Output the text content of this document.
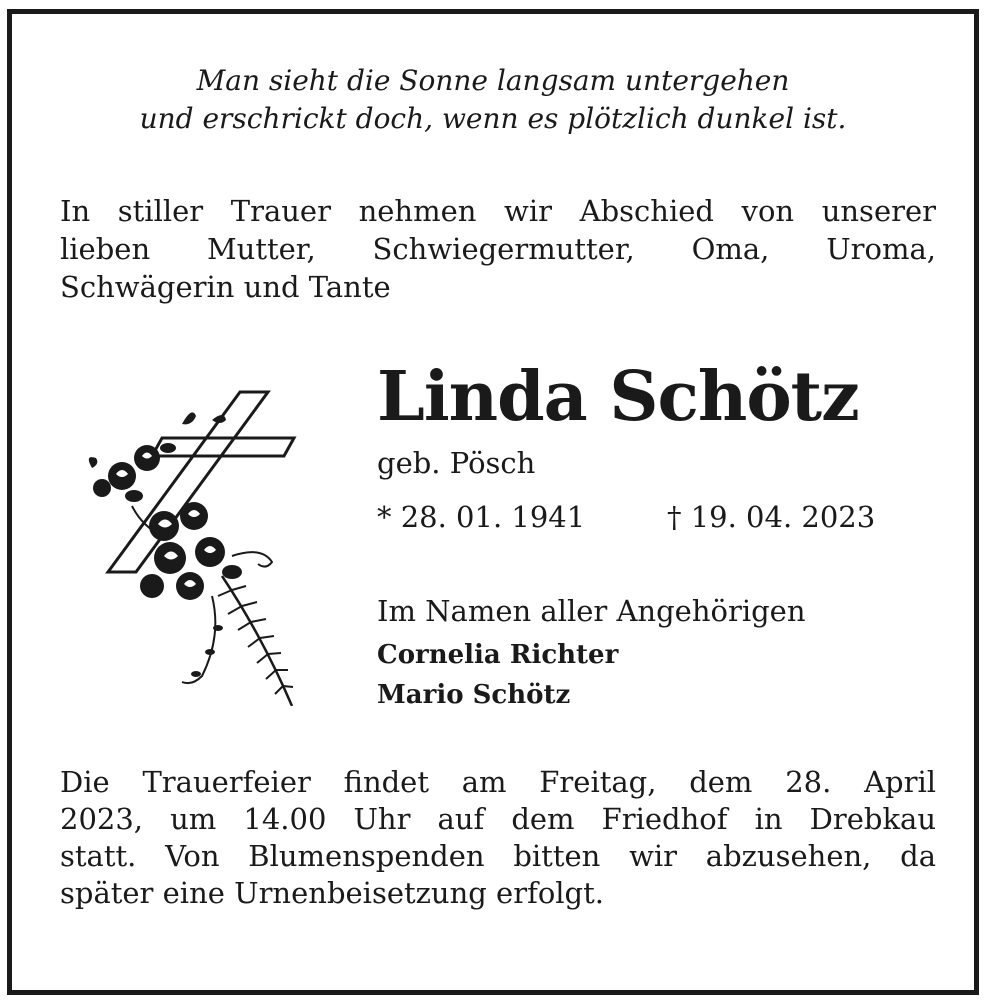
Man sieht die Sonne langsam untergehen
und erschrickt doch, wenn es plötzlich dunkel ist.
In stiller Trauer nehmen wir Abschied von unserer
lieben Mutter, Schwiegermutter, Oma, Uroma,
Schwägerin und Tante
Linda Schötz
geb. Pösch
* 28. 01. 1941	† 19. 04. 2023
Im Namen aller Angehörigen
Cornelia Richter
Mario Schötz
Die Trauerfeier findet am Freitag, dem 28. April
2023, um 14.00 Uhr auf dem Friedhof in Drebkau
statt. Von Blumenspenden bitten wir abzusehen, da
später eine Urnenbeisetzung erfolgt.
